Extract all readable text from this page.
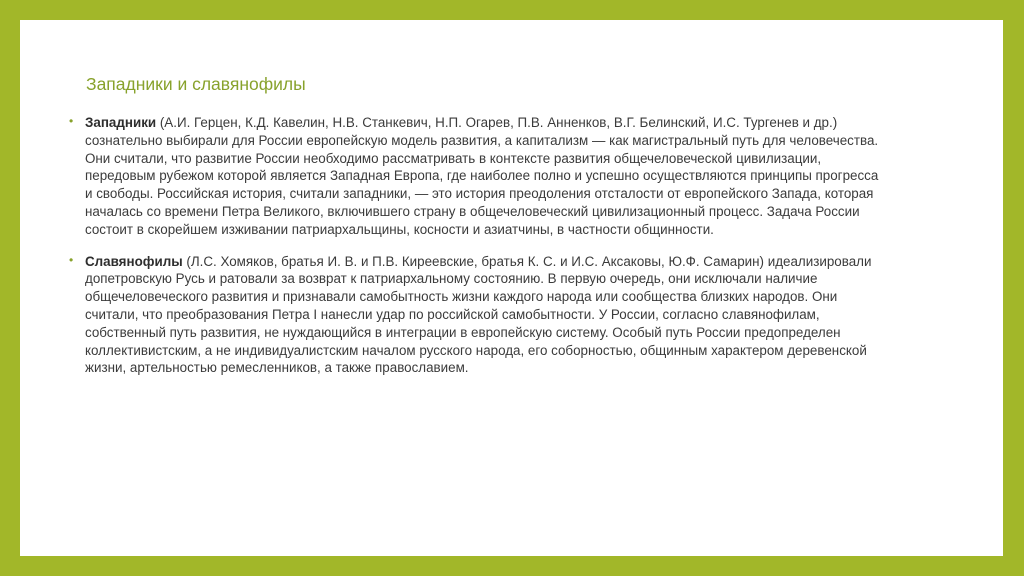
Западники и славянофилы
• Западники (А.И. Герцен, К.Д. Кавелин, Н.В. Станкевич, Н.П. Огарев, П.В. Анненков, В.Г. Белинский, И.С. Тургенев и др.) сознательно выбирали для России европейскую модель развития, а капитализм — как магистральный путь для человечества. Они считали, что развитие России необходимо рассматривать в контексте развития общечеловеческой цивилизации, передовым рубежом которой является Западная Европа, где наиболее полно и успешно осуществляются принципы прогресса и свободы. Российская история, считали западники, — это история преодоления отсталости от европейского Запада, которая началась со времени Петра Великого, включившего страну в общечеловеческий цивилизационный процесс. Задача России состоит в скорейшем изживании патриархальщины, косности и азиатчины, в частности общинности.
• Славянофилы (Л.С. Хомяков, братья И. В. и П.В. Киреевские, братья К. С. и И.С. Аксаковы, Ю.Ф. Самарин) идеализировали допетровскую Русь и ратовали за возврат к патриархальному состоянию. В первую очередь, они исключали наличие общечеловеческого развития и признавали самобытность жизни каждого народа или сообщества близких народов. Они считали, что преобразования Петра I нанесли удар по российской самобытности. У России, согласно славянофилам, собственный путь развития, не нуждающийся в интеграции в европейскую систему. Особый путь России предопределен коллективистским, а не индивидуалистским началом русского народа, его соборностью, общинным характером деревенской жизни, артельностью ремесленников, а также православием.
